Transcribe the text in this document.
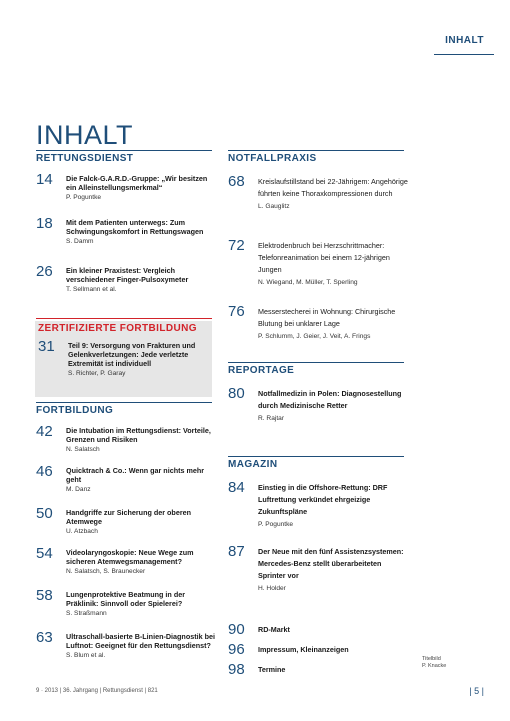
INHALT
INHALT
RETTUNGSDIENST
14 Die Falck-G.A.R.D.-Gruppe: „Wir besitzen ein Alleinstellungsmerkmal“
P. Poguntke
18 Mit dem Patienten unterwegs: Zum Schwingungskomfort in Rettungswagen
S. Damm
26 Ein kleiner Praxistest: Vergleich verschiedener Finger-Pulsoxymeter
T. Sellmann et al.
ZERTIFIZIERTE FORTBILDUNG
31 Teil 9: Versorgung von Frakturen und Gelenkverletzungen: Jede verletzte Extremität ist individuell
S. Richter, P. Garay
FORTBILDUNG
42 Die Intubation im Rettungsdienst: Vorteile, Grenzen und Risiken
N. Salatsch
46 Quicktrach & Co.: Wenn gar nichts mehr geht
M. Danz
50 Handgriffe zur Sicherung der oberen Atemwege
U. Atzbach
54 Videolaryngoskopie: Neue Wege zum sicheren Atemwegsmanagement?
N. Salatsch, S. Braunecker
58 Lungenprotektive Beatmung in der Präklinik: Sinnvoll oder Spielerei?
S. Straßmann
63 Ultraschall-basierte B-Linien-Diagnostik bei Luftnot: Geeignet für den Rettungsdienst?
S. Blum et al.
NOTFALLPRAXIS
68 Kreislaufstillstand bei 22-Jährigem: Angehörige führten keine Thoraxkompressionen durch
L. Gauglitz
72 Elektrodenbruch bei Herzschrittmacher: Telefonreanimation bei einem 12-jährigen Jungen
N. Wiegand, M. Müller, T. Sperling
76 Messerstecherei in Wohnung: Chirurgische Blutung bei unklarer Lage
P. Schlumm, J. Geier, J. Veit, A. Frings
REPORTAGE
80 Notfallmedizin in Polen: Diagnosestellung durch Medizinische Retter
R. Rajtar
MAGAZIN
84 Einstieg in die Offshore-Rettung: DRF Luftrettung verkündet ehrgeizige Zukunftspläne
P. Poguntke
87 Der Neue mit den fünf Assistenzsystemen: Mercedes-Benz stellt überarbeiteten Sprinter vor
H. Holder
90 RD-Markt
96 Impressum, Kleinanzeigen
98 Termine
Titelbild
P. Knacke
9 · 2013 | 36. Jahrgang | Rettungsdienst | 821	| 5 |
